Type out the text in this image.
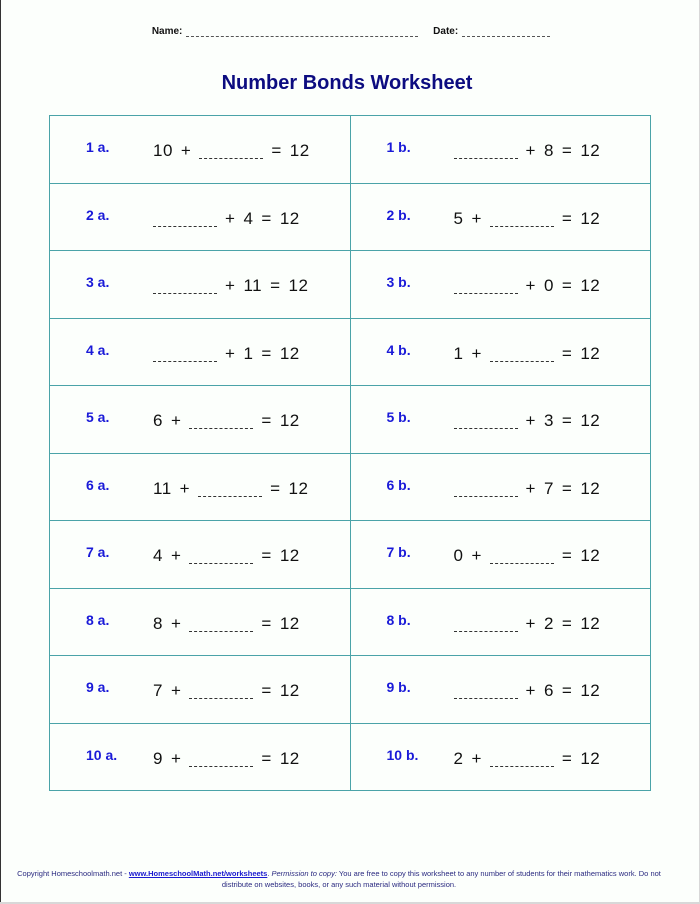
Name:	Date:
Number Bonds Worksheet
1 a. 10 + = 12	1 b. + 8 = 12

2 a. + 4 = 12	2 b. 5 + = 12

3 a. + 11 = 12	3 b. + 0 = 12

4 a. + 1 = 12	4 b. 1 + = 12

5 a. 6 + = 12	5 b. + 3 = 12

6 a. 11 + = 12	6 b. + 7 = 12

7 a. 4 + = 12	7 b. 0 + = 12

8 a. 8 + = 12	8 b. + 2 = 12

9 a. 7 + = 12	9 b. + 6 = 12

10 a. 9 + = 12	10 b. 2 + = 12
Copyright Homeschoolmath.net - www.HomeschoolMath.net/worksheets. Permission to copy: You are free to copy this worksheet to any number of students for their mathematics work. Do not distribute on websites, books, or any such material without permission.
